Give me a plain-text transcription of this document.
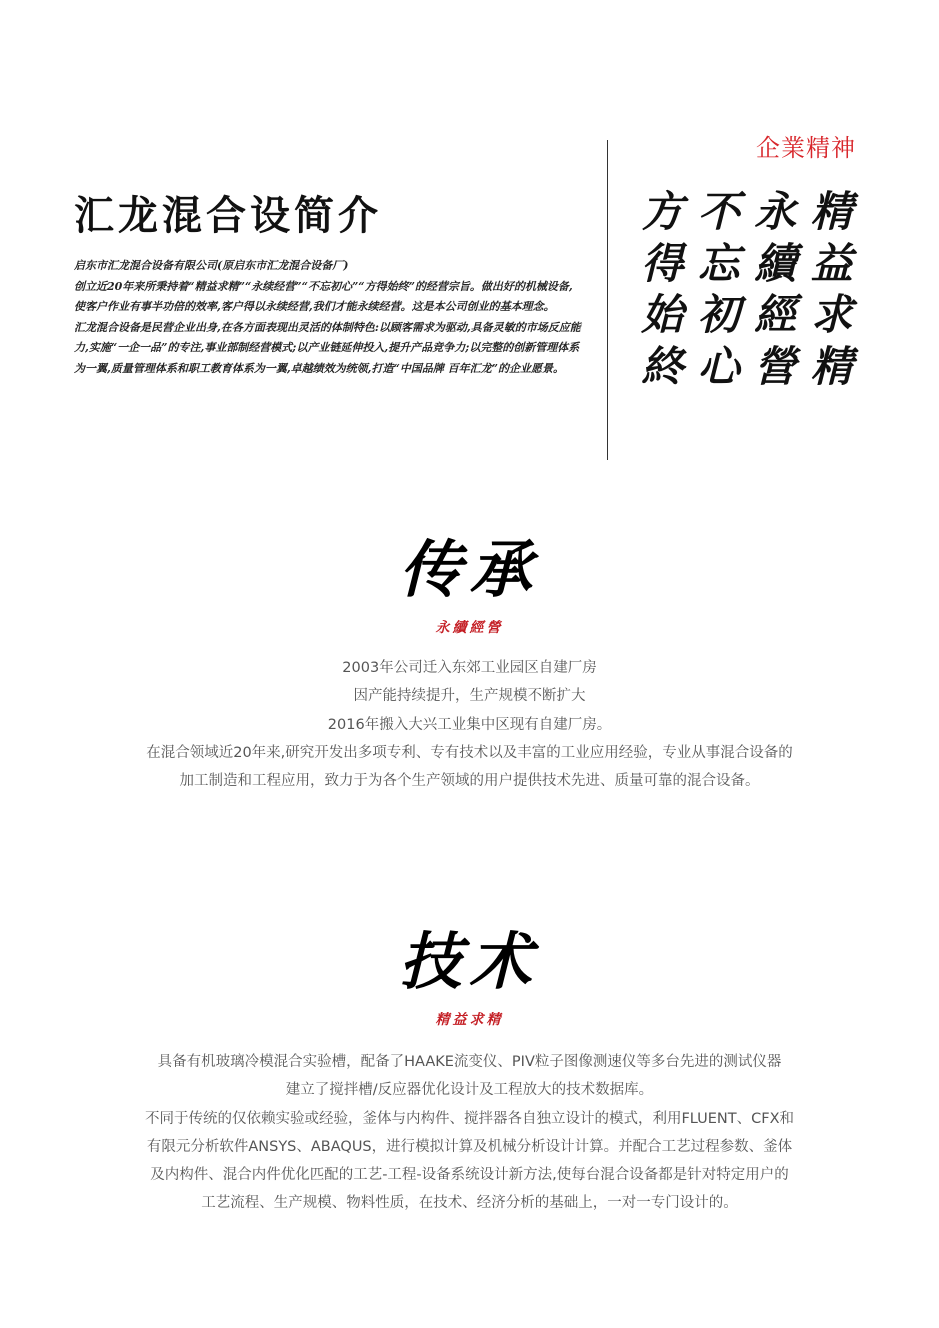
汇龙混合设简介

启东市汇龙混合设备有限公司(原启东市汇龙混合设备厂)

创立近20年来所秉持着“精益求精”“永续经营”“不忘初心”“方得始终”的经营宗旨。做出好的机械设备,使客户作业有事半功倍的效率,客户得以永续经营,我们才能永续经营。这是本公司创业的基本理念。

汇龙混合设备是民营企业出身,在各方面表现出灵活的体制特色:以顾客需求为驱动,具备灵敏的市场反应能力,实施“一企一品”的专注,事业部制经营模式;以产业链延伸投入,提升产品竞争力;以完整的创新管理体系为一翼,质量管理体系和职工教育体系为一翼,卓越绩效为统领,打造“中国品牌 百年汇龙”的企业愿景。

企業精神
方
得
始
終
不
忘
初
心
永
續
經
營
精
益
求
精
传承
永續經營
2003年公司迁入东郊工业园区自建厂房
因产能持续提升，生产规模不断扩大
2016年搬入大兴工业集中区现有自建厂房。
在混合领域近20年来,研究开发出多项专利、专有技术以及丰富的工业应用经验，专业从事混合设备的
加工制造和工程应用，致力于为各个生产领域的用户提供技术先进、质量可靠的混合设备。
技术
精益求精
具备有机玻璃冷模混合实验槽，配备了HAAKE流变仪、PIV粒子图像测速仪等多台先进的测试仪器
建立了搅拌槽/反应器优化设计及工程放大的技术数据库。
不同于传统的仅依赖实验或经验，釜体与内构件、搅拌器各自独立设计的模式，利用FLUENT、CFX和
有限元分析软件ANSYS、ABAQUS，进行模拟计算及机械分析设计计算。并配合工艺过程参数、釜体
及内构件、混合内件优化匹配的工艺-工程-设备系统设计新方法,使每台混合设备都是针对特定用户的
工艺流程、生产规模、物料性质，在技术、经济分析的基础上，一对一专门设计的。
